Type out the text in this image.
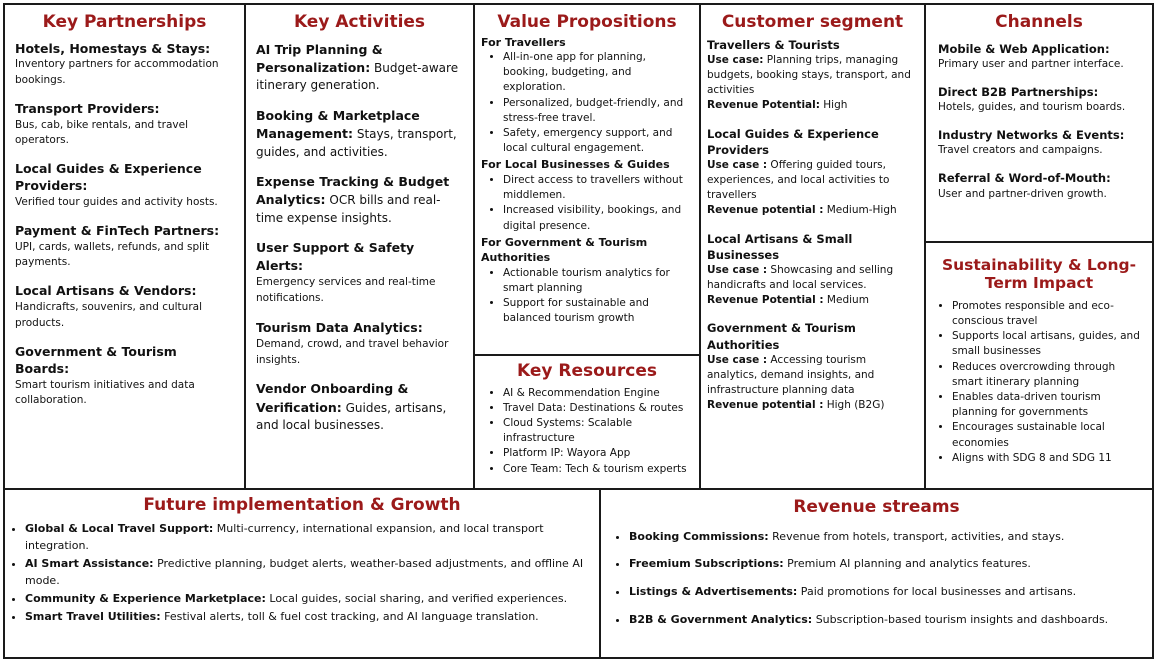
Key Partnerships
Hotels, Homestays & Stays:
Inventory partners for accommodation bookings.
Transport Providers:
Bus, cab, bike rentals, and travel operators.
Local Guides & Experience Providers:
Verified tour guides and activity hosts.
Payment & FinTech Partners:
UPI, cards, wallets, refunds, and split payments.
Local Artisans & Vendors:
Handicrafts, souvenirs, and cultural products.
Government & Tourism Boards:
Smart tourism initiatives and data collaboration.
Key Activities
AI Trip Planning & Personalization: Budget-aware itinerary generation.
Booking & Marketplace Management: Stays, transport, guides, and activities.
Expense Tracking & Budget Analytics: OCR bills and real-time expense insights.
User Support & Safety Alerts:
Emergency services and real-time notifications.
Tourism Data Analytics:
Demand, crowd, and travel behavior insights.
Vendor Onboarding & Verification: Guides, artisans, and local businesses.
Value Propositions
For Travellers
• All-in-one app for planning, booking, budgeting, and exploration.
• Personalized, budget-friendly, and stress-free travel.
• Safety, emergency support, and local cultural engagement.
For Local Businesses & Guides
• Direct access to travellers without middlemen.
• Increased visibility, bookings, and digital presence.
For Government & Tourism Authorities
• Actionable tourism analytics for smart planning
• Support for sustainable and balanced tourism growth
Key Resources
• AI & Recommendation Engine
• Travel Data: Destinations & routes
• Cloud Systems: Scalable infrastructure
• Platform IP: Wayora App
• Core Team: Tech & tourism experts
Customer segment
Travellers & Tourists
Use case: Planning trips, managing budgets, booking stays, transport, and activities
Revenue Potential: High
Local Guides & Experience Providers
Use case : Offering guided tours, experiences, and local activities to travellers
Revenue potential : Medium-High
Local Artisans & Small Businesses
Use case : Showcasing and selling handicrafts and local services.
Revenue Potential : Medium
Government & Tourism Authorities
Use case : Accessing tourism analytics, demand insights, and infrastructure planning data
Revenue potential : High (B2G)
Channels
Mobile & Web Application:
Primary user and partner interface.
Direct B2B Partnerships:
Hotels, guides, and tourism boards.
Industry Networks & Events:
Travel creators and campaigns.
Referral & Word-of-Mouth:
User and partner-driven growth.
Sustainability & Long-Term Impact
• Promotes responsible and eco-conscious travel
• Supports local artisans, guides, and small businesses
• Reduces overcrowding through smart itinerary planning
• Enables data-driven tourism planning for governments
• Encourages sustainable local economies
• Aligns with SDG 8 and SDG 11
Future implementation & Growth
• Global & Local Travel Support: Multi-currency, international expansion, and local transport integration.
• AI Smart Assistance: Predictive planning, budget alerts, weather-based adjustments, and offline AI mode.
• Community & Experience Marketplace: Local guides, social sharing, and verified experiences.
• Smart Travel Utilities: Festival alerts, toll & fuel cost tracking, and AI language translation.
Revenue streams
• Booking Commissions: Revenue from hotels, transport, activities, and stays.
• Freemium Subscriptions: Premium AI planning and analytics features.
• Listings & Advertisements: Paid promotions for local businesses and artisans.
• B2B & Government Analytics: Subscription-based tourism insights and dashboards.
